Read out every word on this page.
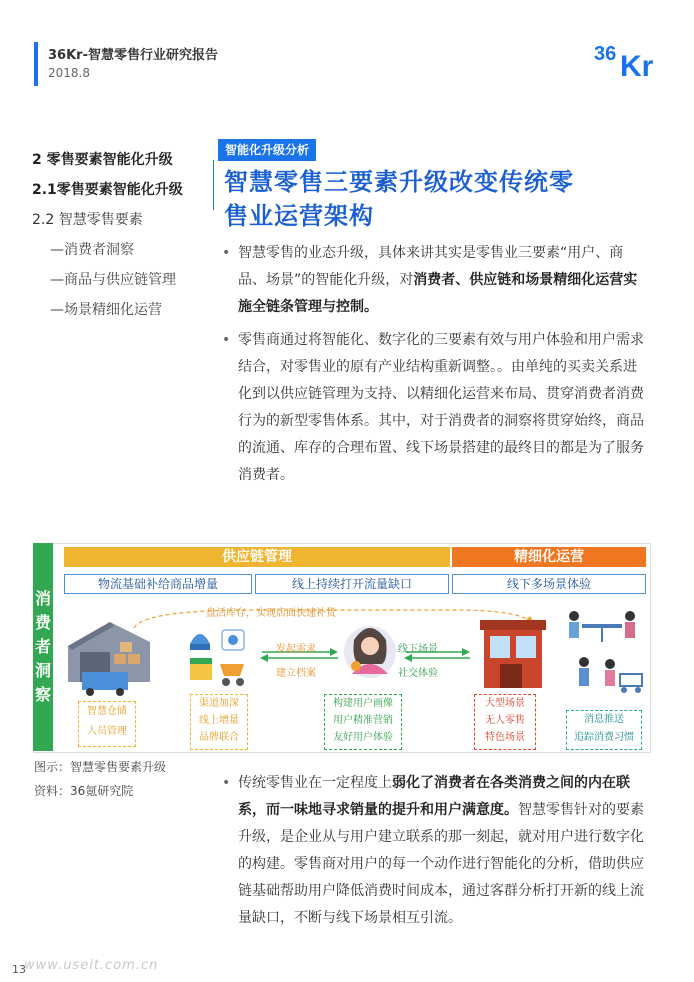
36Kr-智慧零售行业研究报告
2018.8
36 Kr
2 零售要素智能化升级
2.1零售要素智能化升级
2.2 智慧零售要素
—消费者洞察
—商品与供应链管理
—场景精细化运营
智能化升级分析
智慧零售三要素升级改变传统零
售业运营架构

• 智慧零售的业态升级，具体来讲其实是零售业三要素“用户、商品、场景”的智能化升级，对消费者、供应链和场景精细化运营实施全链条管理与控制。

• 零售商通过将智能化、数字化的三要素有效与用户体验和用户需求结合，对零售业的原有产业结构重新调整。。由单纯的买卖关系进化到以供应链管理为支持、以精细化运营来布局、贯穿消费者消费行为的新型零售体系。其中，对于消费者的洞察将贯穿始终，商品的流通、库存的合理布置、线下场景搭建的最终目的都是为了服务消费者。

消
费
者
洞
察
供应链管理	精细化运营
物流基础补给商品增量	线上持续打开流量缺口	线下多场景体验
盘活库存，实现店面快速补货
发起需求
建立档案
线下场景
社交体验
智慧仓储
人员管理
渠道加深
线上增量
品牌联合
构建用户画像
用户精准营销
友好用户体验
大型场景
无人零售
特色场景
消息推送
追踪消费习惯
图示：智慧零售要素升级
资料：36氪研究院

•	传统零售业在一定程度上弱化了消费者在各类消费之间的内在联系，而一味地寻求销量的提升和用户满意度。智慧零售针对的要素升级，是企业从与用户建立联系的那一刻起，就对用户进行数字化的构建。零售商对用户的每一个动作进行智能化的分析，借助供应链基础帮助用户降低消费时间成本，通过客群分析打开新的线上流量缺口，不断与线下场景相互引流。

www.useit.com.cn
13
